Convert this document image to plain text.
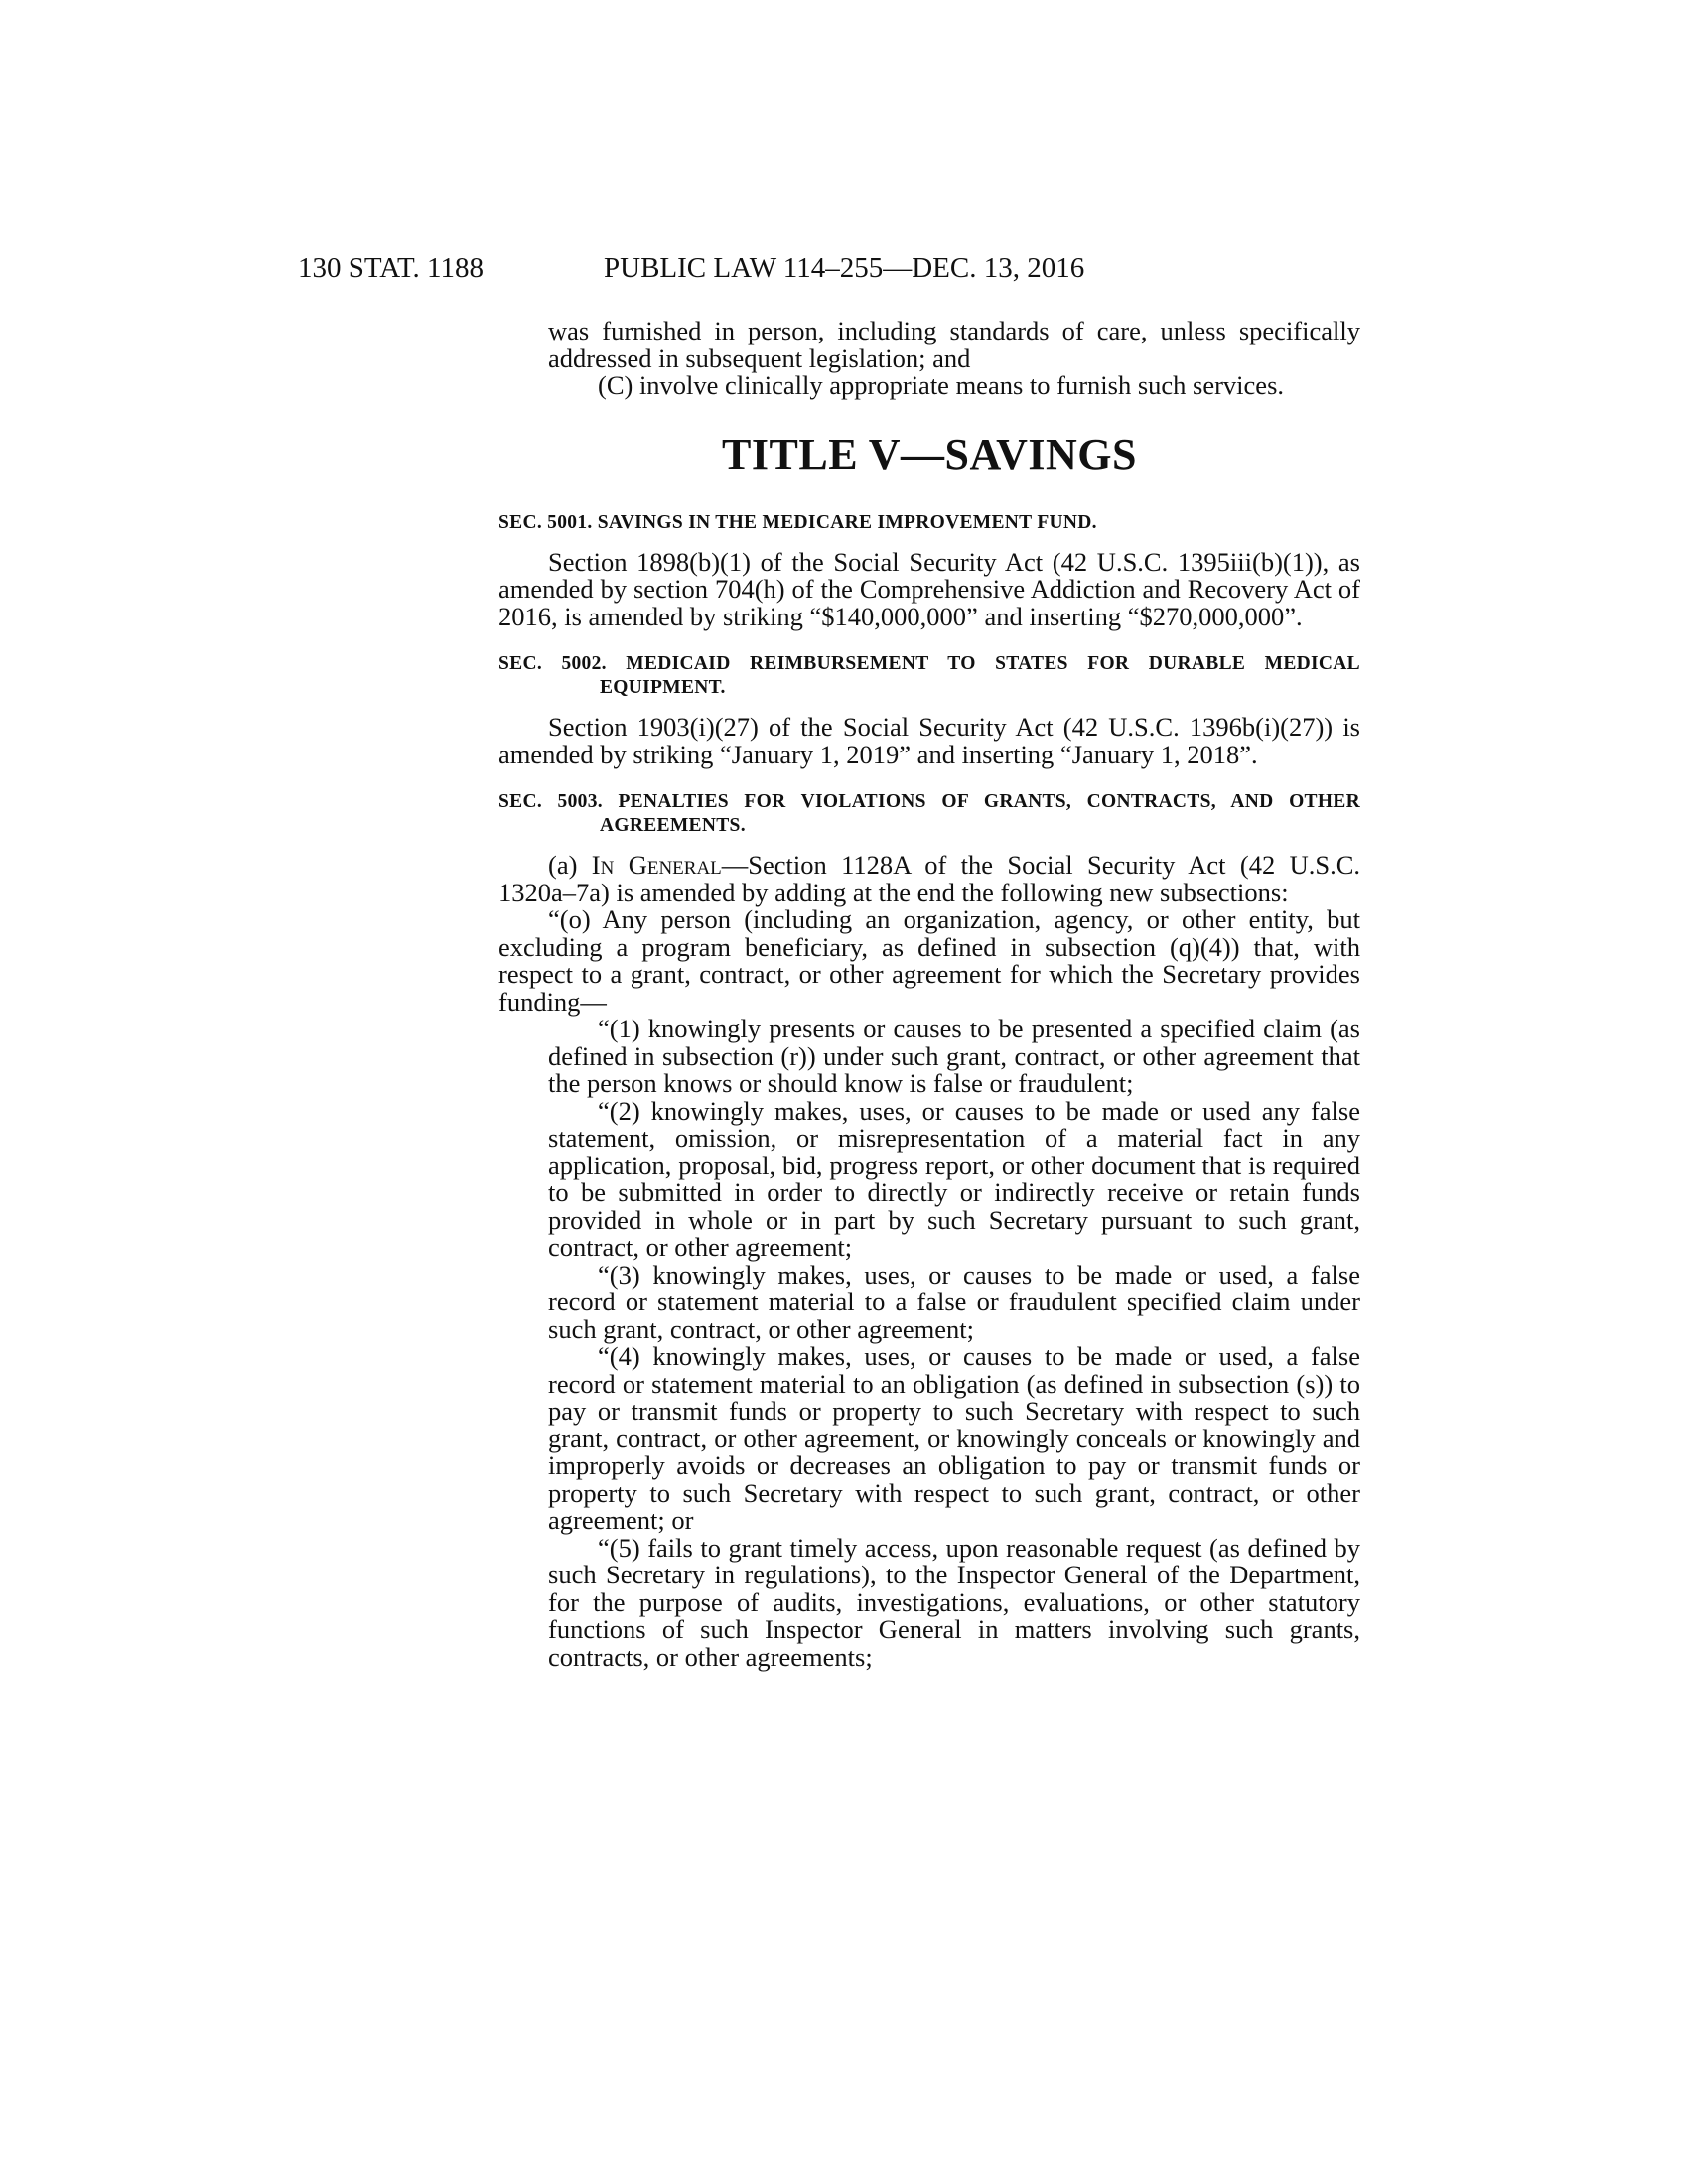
130 STAT. 1188	PUBLIC LAW 114–255—DEC. 13, 2016

was furnished in person, including standards of care, unless specifically addressed in subsequent legislation; and

(C) involve clinically appropriate means to furnish such services.

TITLE V—SAVINGS
SEC. 5001. SAVINGS IN THE MEDICARE IMPROVEMENT FUND.

Section 1898(b)(1) of the Social Security Act (42 U.S.C. 1395iii(b)(1)), as amended by section 704(h) of the Comprehensive Addiction and Recovery Act of 2016, is amended by striking “$140,000,000” and inserting “$270,000,000”.

SEC. 5002. MEDICAID REIMBURSEMENT TO STATES FOR DURABLE MEDICAL EQUIPMENT.

Section 1903(i)(27) of the Social Security Act (42 U.S.C. 1396b(i)(27)) is amended by striking “January 1, 2019” and inserting “January 1, 2018”.

SEC. 5003. PENALTIES FOR VIOLATIONS OF GRANTS, CONTRACTS, AND OTHER AGREEMENTS.

(a) In General—Section 1128A of the Social Security Act (42 U.S.C. 1320a–7a) is amended by adding at the end the following new subsections:

“(o) Any person (including an organization, agency, or other entity, but excluding a program beneficiary, as defined in subsection (q)(4)) that, with respect to a grant, contract, or other agreement for which the Secretary provides funding—

“(1) knowingly presents or causes to be presented a specified claim (as defined in subsection (r)) under such grant, contract, or other agreement that the person knows or should know is false or fraudulent;

“(2) knowingly makes, uses, or causes to be made or used any false statement, omission, or misrepresentation of a material fact in any application, proposal, bid, progress report, or other document that is required to be submitted in order to directly or indirectly receive or retain funds provided in whole or in part by such Secretary pursuant to such grant, contract, or other agreement;

“(3) knowingly makes, uses, or causes to be made or used, a false record or statement material to a false or fraudulent specified claim under such grant, contract, or other agreement;

“(4) knowingly makes, uses, or causes to be made or used, a false record or statement material to an obligation (as defined in subsection (s)) to pay or transmit funds or property to such Secretary with respect to such grant, contract, or other agreement, or knowingly conceals or knowingly and improperly avoids or decreases an obligation to pay or transmit funds or property to such Secretary with respect to such grant, contract, or other agreement; or

“(5) fails to grant timely access, upon reasonable request (as defined by such Secretary in regulations), to the Inspector General of the Department, for the purpose of audits, investigations, evaluations, or other statutory functions of such Inspector General in matters involving such grants, contracts, or other agreements;
